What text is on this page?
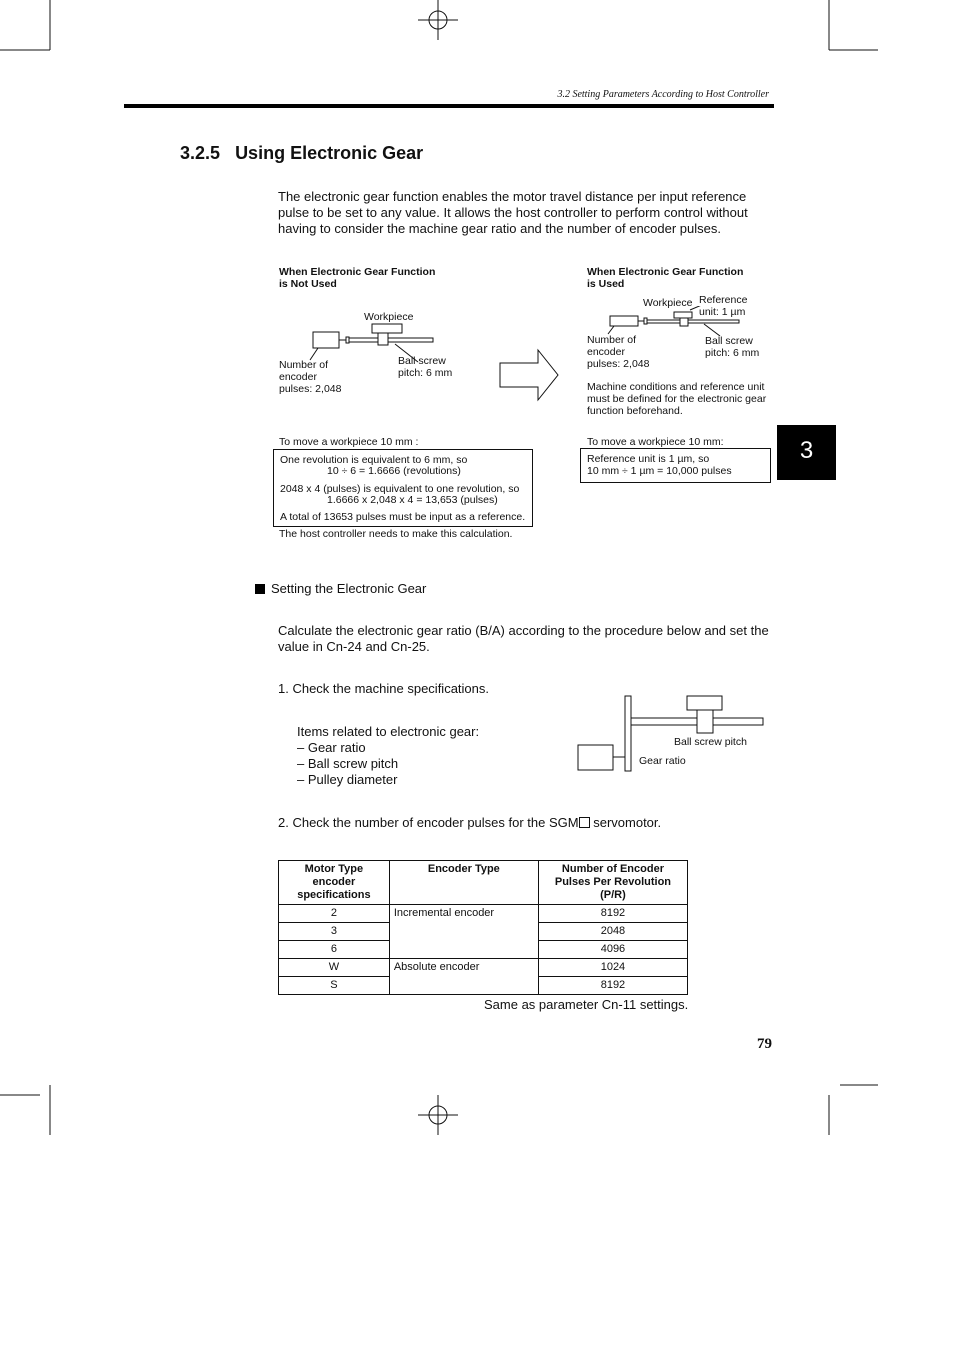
3.2 Setting Parameters According to Host Controller
3.2.5 Using Electronic Gear
The electronic gear function enables the motor travel distance per input reference pulse to be set to any value. It allows the host controller to perform control without having to consider the machine gear ratio and the number of encoder pulses.
When Electronic Gear Function
is Not Used
Workpiece
Number of
encoder
pulses: 2,048
Ball screw
pitch: 6 mm
To move a workpiece 10 mm :
One revolution is equivalent to 6 mm, so
10 ÷ 6 = 1.6666 (revolutions)
2048 x 4 (pulses) is equivalent to one revolution, so
1.6666 x 2,048 x 4 = 13,653 (pulses)
A total of 13653 pulses must be input as a reference.
The host controller needs to make this calculation.
When Electronic Gear Function
is Used
Workpiece Reference
unit: 1 µm
Number of
encoder
pulses: 2,048
Ball screw
pitch: 6 mm
Machine conditions and reference unit
must be defined for the electronic gear
function beforehand.
To move a workpiece 10 mm:
Reference unit is 1 µm, so
10 mm ÷ 1 µm = 10,000 pulses
3
Setting the Electronic Gear
Calculate the electronic gear ratio (B/A) according to the procedure below and set the value in Cn-24 and Cn-25.
1. Check the machine specifications.
Items related to electronic gear:
– Gear ratio
– Ball screw pitch
– Pulley diameter
Ball screw pitch
Gear ratio
2. Check the number of encoder pulses for the SGM servomotor.
Motor Type encoder specifications	Encoder Type	Number of Encoder Pulses Per Revolution (P/R)
2	Incremental encoder	8192
3		2048
6		4096
W	Absolute encoder	1024
S		8192
Same as parameter Cn-11 settings.
79
